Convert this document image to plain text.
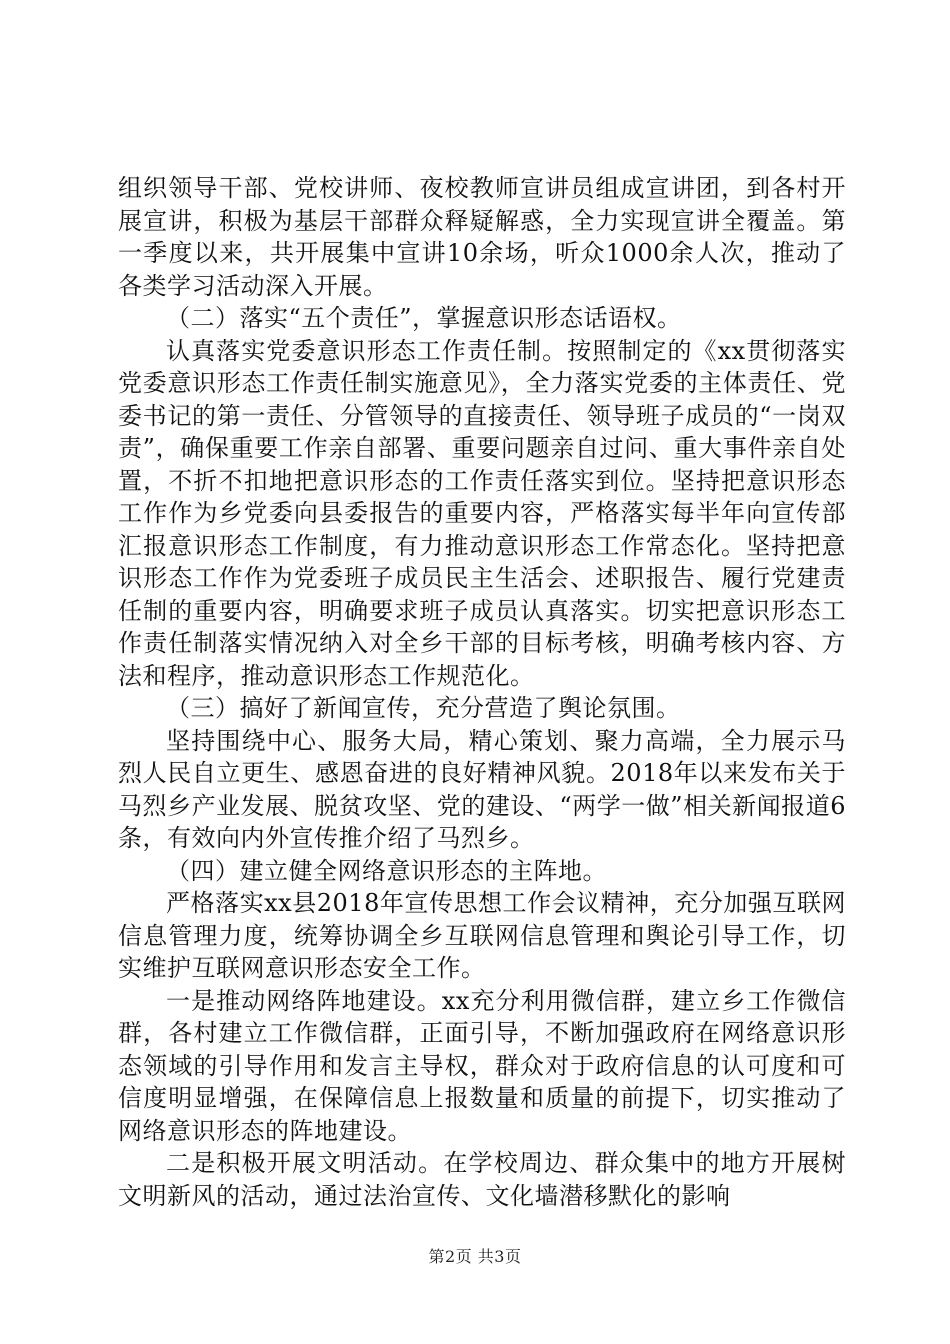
组织领导干部、党校讲师、夜校教师宣讲员组成宣讲团，到各村开展宣讲，积极为基层干部群众释疑解惑，全力实现宣讲全覆盖。第一季度以来，共开展集中宣讲10余场，听众1000余人次，推动了各类学习活动深入开展。

（二）落实“五个责任”，掌握意识形态话语权。

认真落实党委意识形态工作责任制。按照制定的《xx贯彻落实党委意识形态工作责任制实施意见》，全力落实党委的主体责任、党委书记的第一责任、分管领导的直接责任、领导班子成员的“一岗双责”，确保重要工作亲自部署、重要问题亲自过问、重大事件亲自处置，不折不扣地把意识形态的工作责任落实到位。坚持把意识形态工作作为乡党委向县委报告的重要内容，严格落实每半年向宣传部汇报意识形态工作制度，有力推动意识形态工作常态化。坚持把意识形态工作作为党委班子成员民主生活会、述职报告、履行党建责任制的重要内容，明确要求班子成员认真落实。切实把意识形态工作责任制落实情况纳入对全乡干部的目标考核，明确考核内容、方法和程序，推动意识形态工作规范化。

（三）搞好了新闻宣传，充分营造了舆论氛围。

坚持围绕中心、服务大局，精心策划、聚力高端，全力展示马烈人民自立更生、感恩奋进的良好精神风貌。2018年以来发布关于马烈乡产业发展、脱贫攻坚、党的建设、“两学一做”相关新闻报道6条，有效向内外宣传推介绍了马烈乡。

（四）建立健全网络意识形态的主阵地。

严格落实xx县2018年宣传思想工作会议精神，充分加强互联网信息管理力度，统筹协调全乡互联网信息管理和舆论引导工作，切实维护互联网意识形态安全工作。

一是推动网络阵地建设。xx充分利用微信群，建立乡工作微信群，各村建立工作微信群，正面引导，不断加强政府在网络意识形态领域的引导作用和发言主导权，群众对于政府信息的认可度和可信度明显增强，在保障信息上报数量和质量的前提下，切实推动了网络意识形态的阵地建设。

二是积极开展文明活动。在学校周边、群众集中的地方开展树文明新风的活动，通过法治宣传、文化墙潜移默化的影响

第2页 共3页
